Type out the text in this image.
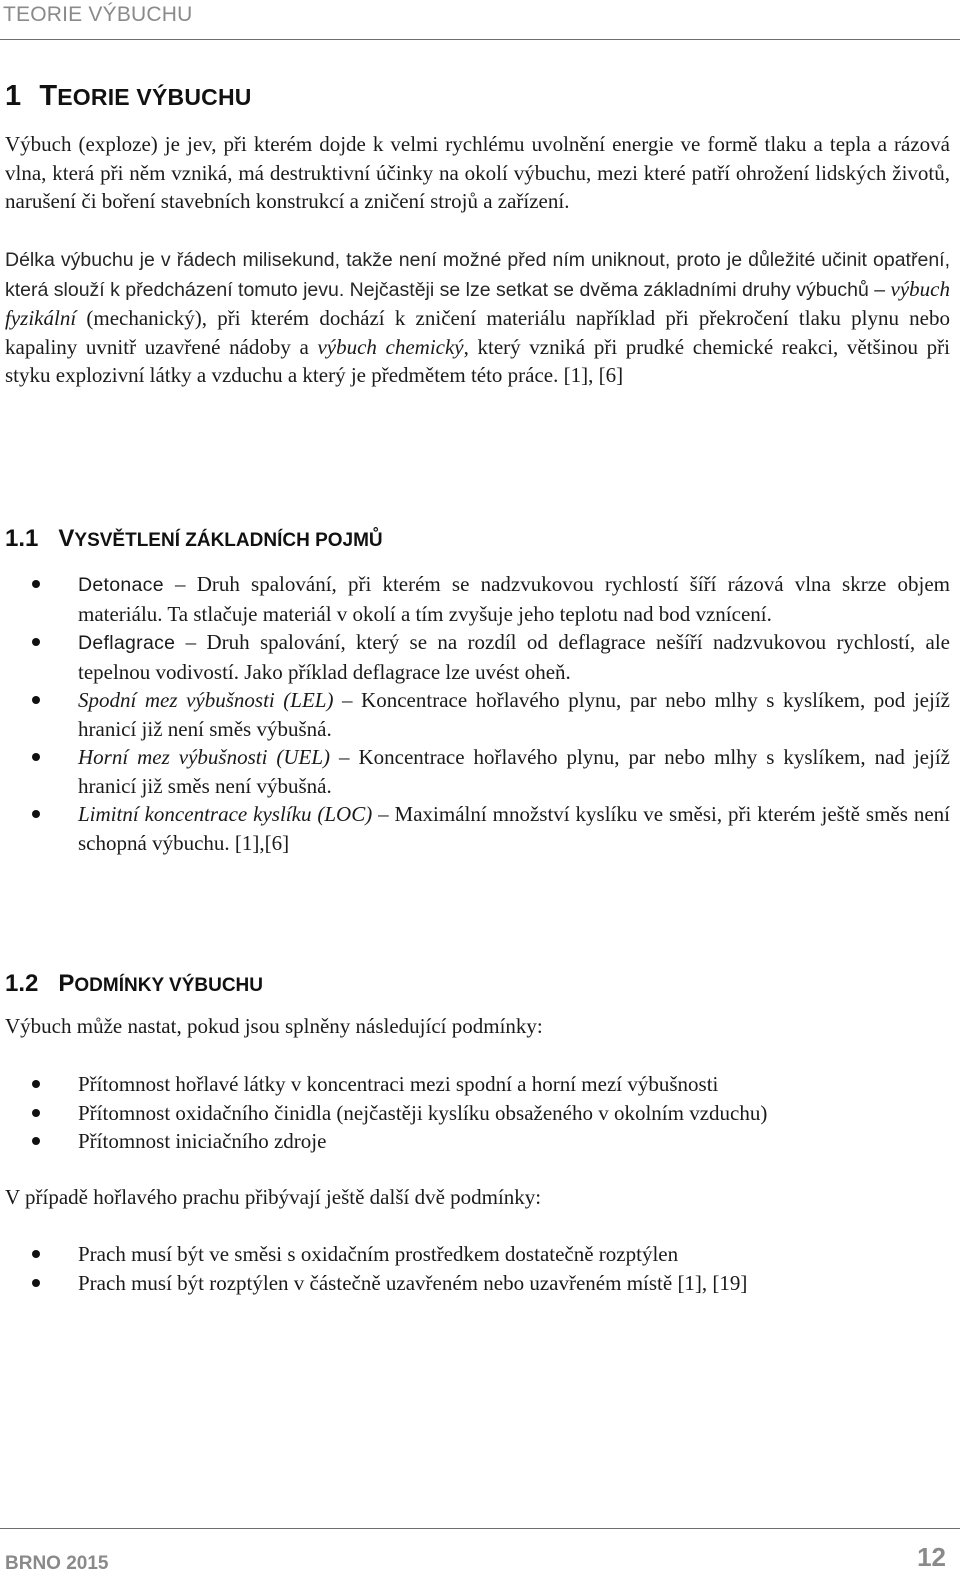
TEORIE VÝBUCHU
1 TEORIE VÝBUCHU

Výbuch (exploze) je jev, při kterém dojde k velmi rychlému uvolnění energie ve formě tlaku a tepla a rázová vlna, která při něm vzniká, má destruktivní účinky na okolí výbuchu, mezi které patří ohrožení lidských životů, narušení či boření stavebních konstrukcí a zničení strojů a zařízení.

Délka výbuchu je v řádech milisekund, takže není možné před ním uniknout, proto je důležité učinit opatření, která slouží k předcházení tomuto jevu. Nejčastěji se lze setkat se dvěma základními druhy výbuchů – výbuch fyzikální (mechanický), při kterém dochází k zničení materiálu například při překročení tlaku plynu nebo kapaliny uvnitř uzavřené nádoby a výbuch chemický, který vzniká při prudké chemické reakci, většinou při styku explozivní látky a vzduchu a který je předmětem této práce. [1], [6]

1.1 VYSVĚTLENÍ ZÁKLADNÍCH POJMŮ
Detonace – Druh spalování, při kterém se nadzvukovou rychlostí šíří rázová vlna skrze objem materiálu. Ta stlačuje materiál v okolí a tím zvyšuje jeho teplotu nad bod vznícení.
Deflagrace – Druh spalování, který se na rozdíl od deflagrace nešíří nadzvukovou rychlostí, ale tepelnou vodivostí. Jako příklad deflagrace lze uvést oheň.
Spodní mez výbušnosti (LEL) – Koncentrace hořlavého plynu, par nebo mlhy s kyslíkem, pod jejíž hranicí již není směs výbušná.
Horní mez výbušnosti (UEL) – Koncentrace hořlavého plynu, par nebo mlhy s kyslíkem, nad jejíž hranicí již směs není výbušná.
Limitní koncentrace kyslíku (LOC) – Maximální množství kyslíku ve směsi, při kterém ještě směs není schopná výbuchu. [1],[6]
1.2 PODMÍNKY VÝBUCHU

Výbuch může nastat, pokud jsou splněny následující podmínky:

Přítomnost hořlavé látky v koncentraci mezi spodní a horní mezí výbušnosti
Přítomnost oxidačního činidla (nejčastěji kyslíku obsaženého v okolním vzduchu)
Přítomnost iniciačního zdroje

V případě hořlavého prachu přibývají ještě další dvě podmínky:

Prach musí být ve směsi s oxidačním prostředkem dostatečně rozptýlen
Prach musí být rozptýlen v částečně uzavřeném nebo uzavřeném místě [1], [19]
BRNO 2015	12
